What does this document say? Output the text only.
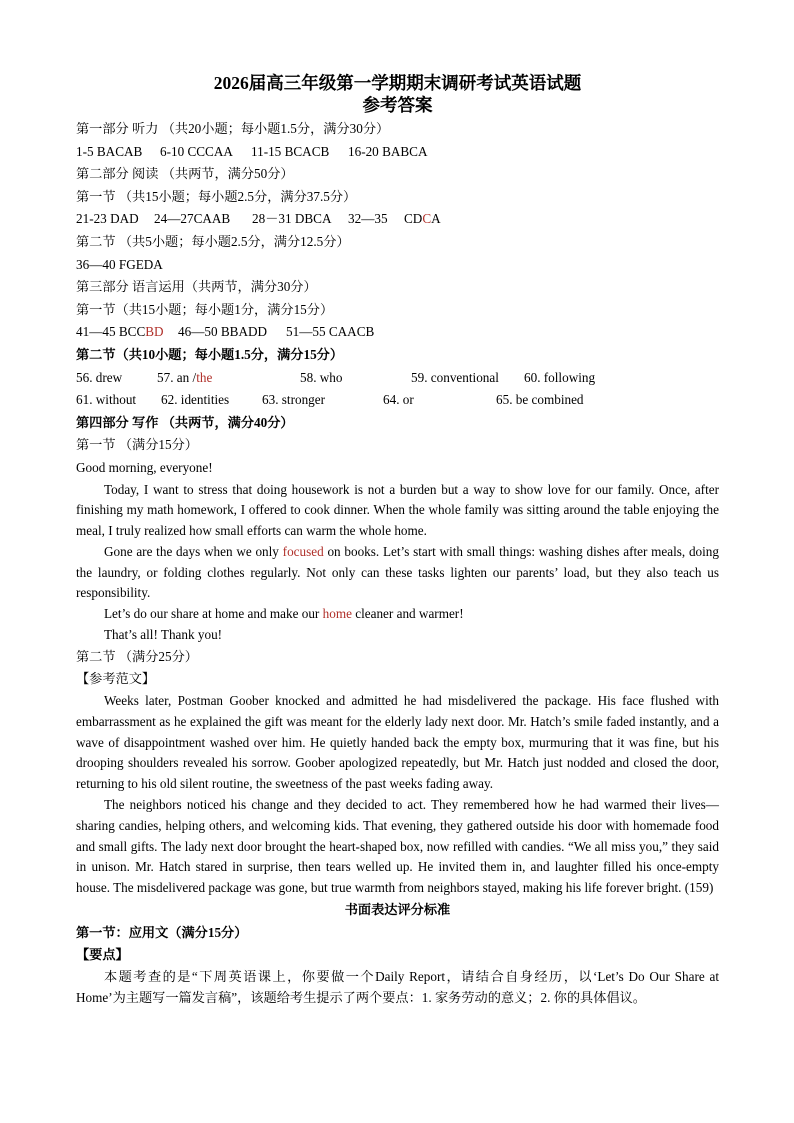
2026届高三年级第一学期期末调研考试英语试题
参考答案
第一部分 听力 （共20小题；每小题1.5分，满分30分）
1-5 BACAB 6-10 CCCAA 11-15 BCACB 16-20 BABCA
第二部分 阅读 （共两节，满分50分）
第一节 （共15小题；每小题2.5分，满分37.5分）
21-23 DAD 24—27CAAB 28－31 DBCA 32—35 CDCA
第二节 （共5小题；每小题2.5分，满分12.5分）
36—40 FGEDA
第三部分 语言运用（共两节，满分30分）
第一节（共15小题；每小题1分，满分15分）
41—45 BCCBD 46—50 BBADD 51—55 CAACB
第二节（共10小题；每小题1.5分，满分15分）
56. drew	57. an /the	58. who	59. conventional 60. following
61. without 62. identities 63. stronger	64. or	65. be combined
第四部分 写作 （共两节，满分40分）
第一节 （满分15分）
Good morning, everyone!

Today, I want to stress that doing housework is not a burden but a way to show love for our family. Once, after finishing my math homework, I offered to cook dinner. When the whole family was sitting around the table enjoying the meal, I truly realized how small efforts can warm the whole home.

Gone are the days when we only focused on books. Let’s start with small things: washing dishes after meals, doing the laundry, or folding clothes regularly. Not only can these tasks lighten our parents’ load, but they also teach us responsibility.

Let’s do our share at home and make our home cleaner and warmer!

That’s all! Thank you!

第二节 （满分25分）
【参考范文】

Weeks later, Postman Goober knocked and admitted he had misdelivered the package. His face flushed with embarrassment as he explained the gift was meant for the elderly lady next door. Mr. Hatch’s smile faded instantly, and a wave of disappointment washed over him. He quietly handed back the empty box, murmuring that it was fine, but his drooping shoulders revealed his sorrow. Goober apologized repeatedly, but Mr. Hatch just nodded and closed the door, returning to his old silent routine, the sweetness of the past weeks fading away.

The neighbors noticed his change and they decided to act. They remembered how he had warmed their lives—sharing candies, helping others, and welcoming kids. That evening, they gathered outside his door with homemade food and small gifts. The lady next door brought the heart-shaped box, now refilled with candies. “We all miss you,” they said in unison. Mr. Hatch stared in surprise, then tears welled up. He invited them in, and laughter filled his once-empty house. The misdelivered package was gone, but true warmth from neighbors stayed, making his life forever bright. (159)

书面表达评分标准
第一节：应用文（满分15分）
【要点】

本题考查的是“下周英语课上，你要做一个Daily Report，请结合自身经历，以‘Let’s Do Our Share at Home’为主题写一篇发言稿”，该题给考生提示了两个要点：1. 家务劳动的意义；2. 你的具体倡议。
